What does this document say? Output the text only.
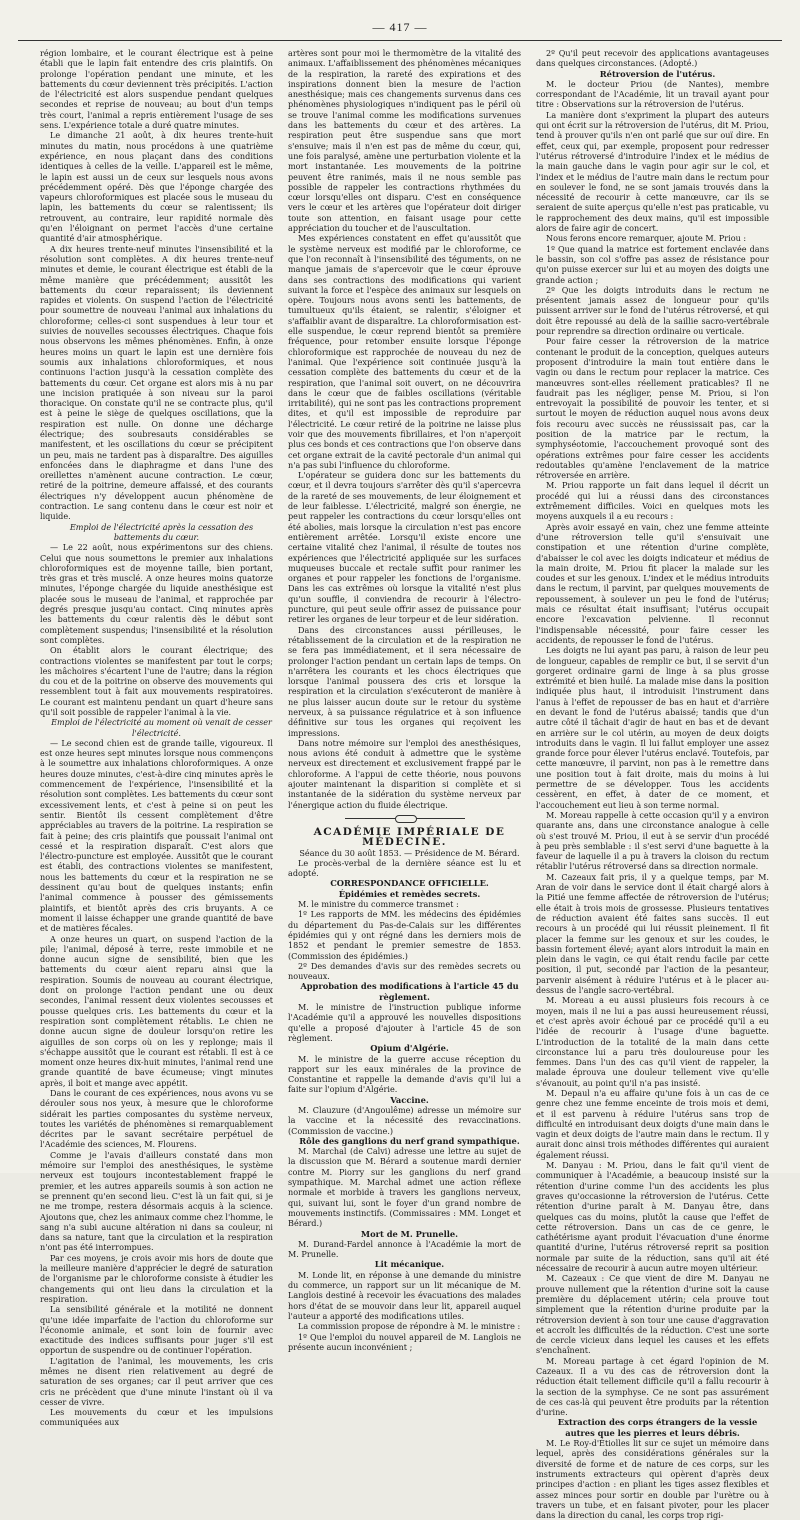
— 417 —

région lombaire, et le courant électrique est à peine établi que le lapin fait entendre des cris plaintifs. On prolonge l'opération pendant une minute, et les battements du cœur deviennent très précipités. L'action de l'électricité est alors suspendue pendant quelques secondes et reprise de nouveau; au bout d'un temps très court, l'animal a repris entièrement l'usage de ses sens. L'expérience totale a duré quatre minutes.

Le dimanche 21 août, à dix heures trente-huit minutes du matin, nous procédons à une quatrième expérience, en nous plaçant dans des conditions identiques à celles de la veille. L'appareil est le même, le lapin est aussi un de ceux sur lesquels nous avons précédemment opéré. Dès que l'éponge chargée des vapeurs chloroformiques est placée sous le museau du lapin, les battements du cœur se ralentissent; ils retrouvent, au contraire, leur rapidité normale dès qu'en l'éloignant on permet l'accès d'une certaine quantité d'air atmosphérique.

A dix heures trente-neuf minutes l'insensibilité et la résolution sont complètes. A dix heures trente-neuf minutes et demie, le courant électrique est établi de la même manière que précédemment; aussitôt les battements du cœur reparaissent; ils deviennent rapides et violents. On suspend l'action de l'électricité pour soumettre de nouveau l'animal aux inhalations du chloroforme; celles-ci sont suspendues à leur tour et suivies de nouvelles secousses électriques. Chaque fois nous observons les mêmes phénomènes. Enfin, à onze heures moins un quart le lapin est une dernière fois soumis aux inhalations chloroformiques, et nous continuons l'action jusqu'à la cessation complète des battements du cœur. Cet organe est alors mis à nu par une incision pratiquée à son niveau sur la paroi thoracique. On constate qu'il ne se contracte plus, qu'il est à peine le siège de quelques oscillations, que la respiration est nulle. On donne une décharge électrique; des soubresauts considérables se manifestent, et les oscillations du cœur se précipitent un peu, mais ne tardent pas à disparaître. Des aiguilles enfoncées dans le diaphragme et dans l'une des oreillettes n'amènent aucune contraction. Le cœur, retiré de la poitrine, demeure affaissé, et des courants électriques n'y développent aucun phénomène de contraction. Le sang contenu dans le cœur est noir et liquide.

Emploi de l'électricité après la cessation des battements du cœur.

— Le 22 août, nous expérimentons sur des chiens. Celui que nous soumettons le premier aux inhalations chloroformiques est de moyenne taille, bien portant, très gras et très musclé. A onze heures moins quatorze minutes, l'éponge chargée du liquide anesthésique est placée sous le museau de l'animal, et rapprochée par degrés presque jusqu'au contact. Cinq minutes après les battements du cœur ralentis dès le début sont complètement suspendus; l'insensibilité et la résolution sont complètes.

On établit alors le courant électrique; des contractions violentes se manifestent par tout le corps; les mâchoires s'écartent l'une de l'autre; dans la région du cou et de la poitrine on observe des mouvements qui ressemblent tout à fait aux mouvements respiratoires. Le courant est maintenu pendant un quart d'heure sans qu'il soit possible de rappeler l'animal à la vie.

Emploi de l'électricité au moment où venait de cesser l'électricité.

— Le second chien est de grande taille, vigoureux. Il est onze heures sept minutes lorsque nous commençons à le soumettre aux inhalations chloroformiques. A onze heures douze minutes, c'est-à-dire cinq minutes après le commencement de l'expérience, l'insensibilité et la résolution sont complètes. Les battements du cœur sont excessivement lents, et c'est à peine si on peut les sentir. Bientôt ils cessent complètement d'être appréciables au travers de la poitrine. La respiration se fait à peine; des cris plaintifs que poussait l'animal ont cessé et la respiration disparaît. C'est alors que l'électro-puncture est employée. Aussitôt que le courant est établi, des contractions violentes se manifestent, nous les battements du cœur et la respiration ne se dessinent qu'au bout de quelques instants; enfin l'animal commence à pousser des gémissements plaintifs, et bientôt après des cris bruyants. A ce moment il laisse échapper une grande quantité de bave et de matières fécales.

A onze heures un quart, on suspend l'action de la pile; l'animal, déposé à terre, reste immobile et ne donne aucun signe de sensibilité, bien que les battements du cœur aient reparu ainsi que la respiration. Soumis de nouveau au courant électrique, dont on prolonge l'action pendant une ou deux secondes, l'animal ressent deux violentes secousses et pousse quelques cris. Les battements du cœur et la respiration sont complètement rétablis. Le chien ne donne aucun signe de douleur lorsqu'on retire les aiguilles de son corps où on les y replonge; mais il s'échappe aussitôt que le courant est rétabli. Il est à ce moment onze heures dix-huit minutes, l'animal rend une grande quantité de bave écumeuse; vingt minutes après, il boit et mange avec appétit.

Dans le courant de ces expériences, nous avons vu se dérouler sous nos yeux, à mesure que le chloroforme sidérait les parties composantes du système nerveux, toutes les variétés de phénomènes si remarquablement décrites par le savant secrétaire perpétuel de l'Académie des sciences, M. Flourens.

Comme je l'avais d'ailleurs constaté dans mon mémoire sur l'emploi des anesthésiques, le système nerveux est toujours incontestablement frappé le premier, et les autres appareils soumis à son action ne se prennent qu'en second lieu. C'est là un fait qui, si je ne me trompe, restera désormais acquis à la science. Ajoutons que, chez les animaux comme chez l'homme, le sang n'a subi aucune altération ni dans sa couleur, ni dans sa nature, tant que la circulation et la respiration n'ont pas été interrompues.

Par ces moyens, je crois avoir mis hors de doute que la meilleure manière d'apprécier le degré de saturation de l'organisme par le chloroforme consiste à étudier les changements qui ont lieu dans la circulation et la respiration.

La sensibilité générale et la motilité ne donnent qu'une idée imparfaite de l'action du chloroforme sur l'économie animale, et sont loin de fournir avec exactitude des indices suffisants pour juger s'il est opportun de suspendre ou de continuer l'opération.

L'agitation de l'animal, les mouvements, les cris mêmes ne disent rien relativement au degré de saturation de ses organes; car il peut arriver que ces cris ne précèdent que d'une minute l'instant où il va cesser de vivre.

Les mouvements du cœur et les impulsions communiquées aux

artères sont pour moi le thermomètre de la vitalité des animaux. L'affaiblissement des phénomènes mécaniques de la respiration, la rareté des expirations et des inspirations donnent bien la mesure de l'action anesthésique; mais ces changements survenus dans ces phénomènes physiologiques n'indiquent pas le péril où se trouve l'animal comme les modifications survenues dans les battements du cœur et des artères. La respiration peut être suspendue sans que mort s'ensuive; mais il n'en est pas de même du cœur, qui, une fois paralysé, amène une perturbation violente et la mort instantanée. Les mouvements de la poitrine peuvent être ranimés, mais il ne nous semble pas possible de rappeler les contractions rhythmées du cœur lorsqu'elles ont disparu. C'est en conséquence vers le cœur et les artères que l'opérateur doit diriger toute son attention, en faisant usage pour cette appréciation du toucher et de l'auscultation.

Mes expériences constatent en effet qu'aussitôt que le système nerveux est modifié par le chloroforme, ce que l'on reconnaît à l'insensibilité des téguments, on ne manque jamais de s'apercevoir que le cœur éprouve dans ses contractions des modifications qui varient suivant la force et l'espèce des animaux sur lesquels on opère. Toujours nous avons senti les battements, de tumultueux qu'ils étaient, se ralentir, s'éloigner et s'affaiblir avant de disparaître. La chloroformisation est-elle suspendue, le cœur reprend bientôt sa première fréquence, pour retomber ensuite lorsque l'éponge chloroformique est rapprochée de nouveau du nez de l'animal. Que l'expérience soit continuée jusqu'à la cessation complète des battements du cœur et de la respiration, que l'animal soit ouvert, on ne découvrira dans le cœur que de faibles oscillations (véritable irritabilité), qui ne sont pas les contractions proprement dites, et qu'il est impossible de reproduire par l'électricité. Le cœur retiré de la poitrine ne laisse plus voir que des mouvements fibrillaires, et l'on n'aperçoit plus ces bonds et ces contractions que l'on observe dans cet organe extrait de la cavité pectorale d'un animal qui n'a pas subi l'influence du chloroforme.

L'opérateur se guidera donc sur les battements du cœur, et il devra toujours s'arrêter dès qu'il s'apercevra de la rareté de ses mouvements, de leur éloignement et de leur faiblesse. L'électricité, malgré son énergie, ne peut rappeler les contractions du cœur lorsqu'elles ont été abolies, mais lorsque la circulation n'est pas encore entièrement arrêtée. Lorsqu'il existe encore une certaine vitalité chez l'animal, il résulte de toutes nos expériences que l'électricité appliquée sur les surfaces muqueuses buccale et rectale suffit pour ranimer les organes et pour rappeler les fonctions de l'organisme. Dans les cas extrêmes où lorsque la vitalité n'est plus qu'un souffle, il conviendra de recourir à l'électro-puncture, qui peut seule offrir assez de puissance pour retirer les organes de leur torpeur et de leur sidération.

Dans des circonstances aussi périlleuses, le rétablissement de la circulation et de la respiration ne se fera pas immédiatement, et il sera nécessaire de prolonger l'action pendant un certain laps de temps. On n'arrêtera les courants et les chocs électriques que lorsque l'animal poussera des cris et lorsque la respiration et la circulation s'exécuteront de manière à ne plus laisser aucun doute sur le retour du système nerveux, à sa puissance régulatrice et à son influence définitive sur tous les organes qui reçoivent les impressions.

Dans notre mémoire sur l'emploi des anesthésiques, nous avions été conduit à admettre que le système nerveux est directement et exclusivement frappé par le chloroforme. A l'appui de cette théorie, nous pouvons ajouter maintenant la disparition si complète et si instantanée de la sidération du système nerveux par l'énergique action du fluide électrique.

ACADÉMIE IMPÉRIALE DE MÉDECINE.

Séance du 30 août 1853. — Présidence de M. Bérard.

Le procès-verbal de la dernière séance est lu et adopté.

CORRESPONDANCE OFFICIELLE.

Épidémies et remèdes secrets.

M. le ministre du commerce transmet :

1º Les rapports de MM. les médecins des épidémies du département du Pas-de-Calais sur les différentes épidémies qui y ont régné dans les derniers mois de 1852 et pendant le premier semestre de 1853. (Commission des épidémies.)

2º Des demandes d'avis sur des remèdes secrets ou nouveaux.

Approbation des modifications à l'article 45 du règlement.

M. le ministre de l'instruction publique informe l'Académie qu'il a approuvé les nouvelles dispositions qu'elle a proposé d'ajouter à l'article 45 de son règlement.

Opium d'Algérie.

M. le ministre de la guerre accuse réception du rapport sur les eaux minérales de la province de Constantine et rappelle la demande d'avis qu'il lui a faite sur l'opium d'Algérie.

Vaccine.

M. Clauzure (d'Angoulême) adresse un mémoire sur la vaccine et la nécessité des revaccinations. (Commission de vaccine.)

Rôle des ganglions du nerf grand sympathique.

M. Marchal (de Calvi) adresse une lettre au sujet de la discussion que M. Bérard a soutenue mardi dernier contre M. Piorry sur les ganglions du nerf grand sympathique. M. Marchal admet une action réflexe normale et morbide à travers les ganglions nerveux, qui, suivant lui, sont le foyer d'un grand nombre de mouvements instinctifs. (Commissaires : MM. Longet et Bérard.)

Mort de M. Prunelle.

M. Durand-Fardel annonce à l'Académie la mort de M. Prunelle.

Lit mécanique.

M. Londe lit, en réponse à une demande du ministre du commerce, un rapport sur un lit mécanique de M. Langlois destiné à recevoir les évacuations des malades hors d'état de se mouvoir dans leur lit, appareil auquel l'auteur a apporté des modifications utiles.

La commission propose de répondre à M. le ministre :

1º Que l'emploi du nouvel appareil de M. Langlois ne présente aucun inconvénient ;

2º Qu'il peut recevoir des applications avantageuses dans quelques circonstances. (Adopté.)

Rétroversion de l'utérus.

M. le docteur Priou (de Nantes), membre correspondant de l'Académie, lit un travail ayant pour titre : Observations sur la rétroversion de l'utérus.

La manière dont s'expriment la plupart des auteurs qui ont écrit sur la rétroversion de l'utérus, dit M. Priou, tend à prouver qu'ils n'en ont parlé que sur ouï dire. En effet, ceux qui, par exemple, proposent pour redresser l'utérus rétroversé d'introduire l'index et le médius de la main gauche dans le vagin pour agir sur le col, et l'index et le médius de l'autre main dans le rectum pour en soulever le fond, ne se sont jamais trouvés dans la nécessité de recourir à cette manœuvre, car ils se seraient de suite aperçus qu'elle n'est pas praticable, vu le rapprochement des deux mains, qu'il est impossible alors de faire agir de concert.

Nous ferons encore remarquer, ajoute M. Priou :

1º Que quand la matrice est fortement enclavée dans le bassin, son col s'offre pas assez de résistance pour qu'on puisse exercer sur lui et au moyen des doigts une grande action ;

2º Que les doigts introduits dans le rectum ne présentent jamais assez de longueur pour qu'ils puissent arriver sur le fond de l'utérus rétroversé, et qui doit être repoussé au delà de la saillie sacro-vertébrale pour reprendre sa direction ordinaire ou verticale.

Pour faire cesser la rétroversion de la matrice contenant le produit de la conception, quelques auteurs proposent d'introduire la main tout entière dans le vagin ou dans le rectum pour replacer la matrice. Ces manœuvres sont-elles réellement praticables? Il ne faudrait pas les négliger, pense M. Priou, si l'on entrevoyait la possibilité de pouvoir les tenter, et si surtout le moyen de réduction auquel nous avons deux fois recouru avec succès ne réussissait pas, car la position de la matrice par le rectum, la symphyséotomie, l'accouchement provoqué sont des opérations extrêmes pour faire cesser les accidents redoutables qu'amène l'enclavement de la matrice rétroversée en arrière.

M. Priou rapporte un fait dans lequel il décrit un procédé qui lui a réussi dans des circonstances extrêmement difficiles. Voici en quelques mots les moyens auxquels il a eu recours :

Après avoir essayé en vain, chez une femme atteinte d'une rétroversion telle qu'il s'ensuivait une constipation et une rétention d'urine complète, d'abaisser le col avec les doigts indicateur et médius de la main droite, M. Priou fit placer la malade sur les coudes et sur les genoux. L'index et le médius introduits dans le rectum, il parvint, par quelques mouvements de repoussement, à soulever un peu le fond de l'utérus; mais ce résultat était insuffisant; l'utérus occupait encore l'excavation pelvienne. Il reconnut l'indispensable nécessité, pour faire cesser les accidents, de repousser le fond de l'utérus.

Les doigts ne lui ayant pas paru, à raison de leur peu de longueur, capables de remplir ce but, il se servit d'un gorgeret ordinaire garni de linge à sa plus grosse extrémité et bien huilé. La malade mise dans la position indiquée plus haut, il introduisit l'instrument dans l'anus à l'effet de repousser de bas en haut et d'arrière en devant le fond de l'utérus abaissé; tandis que d'un autre côté il tâchait d'agir de haut en bas et de devant en arrière sur le col utérin, au moyen de deux doigts introduits dans le vagin. Il lui fallut employer une assez grande force pour élever l'utérus enclavé. Toutefois, par cette manœuvre, il parvint, non pas à le remettre dans une position tout à fait droite, mais du moins à lui permettre de se développer. Tous les accidents cessèrent, en effet, à dater de ce moment, et l'accouchement eut lieu à son terme normal.

M. Moreau rappelle à cette occasion qu'il y a environ quarante ans, dans une circonstance analogue à celle où s'est trouvé M. Priou, il eut à se servir d'un procédé à peu près semblable : il s'est servi d'une baguette à la faveur de laquelle il a pu à travers la cloison du rectum rétablir l'utérus rétroversé dans sa direction normale.

M. Cazeaux fait pris, il y a quelque temps, par M. Aran de voir dans le service dont il était chargé alors à la Pitié une femme affectée de rétroversion de l'utérus; elle était à trois mois de grossesse. Plusieurs tentatives de réduction avaient été faites sans succès. Il eut recours à un procédé qui lui réussit pleinement. Il fit placer la femme sur les genoux et sur les coudes, le bassin fortement élevé; ayant alors introduit la main en plein dans le vagin, ce qui était rendu facile par cette position, il put, secondé par l'action de la pesanteur, parvenir aisément à réduire l'utérus et à le placer au-dessus de l'angle sacro-vertébral.

M. Moreau a eu aussi plusieurs fois recours à ce moyen, mais il ne lui a pas aussi heureusement réussi, et c'est après avoir échoué par ce procédé qu'il a eu l'idée de recourir à l'usage d'une baguette. L'introduction de la totalité de la main dans cette circonstance lui a paru très douloureuse pour les femmes. Dans l'un des cas qu'il vient de rappeler, la malade éprouva une douleur tellement vive qu'elle s'évanouit, au point qu'il n'a pas insisté.

M. Depaul n'a eu affaire qu'une fois à un cas de ce genre chez une femme enceinte de trois mois et demi, et il est parvenu à réduire l'utérus sans trop de difficulté en introduisant deux doigts d'une main dans le vagin et deux doigts de l'autre main dans le rectum. Il y aurait donc ainsi trois méthodes différentes qui auraient également réussi.

M. Danyau : M. Priou, dans le fait qu'il vient de communiquer à l'Académie, a beaucoup insisté sur la rétention d'urine comme l'un des accidents les plus graves qu'occasionne la rétroversion de l'utérus. Cette rétention d'urine paraît à M. Danyau être, dans quelques cas du moins, plutôt la cause que l'effet de cette rétroversion. Dans un cas de ce genre, le cathétérisme ayant produit l'évacuation d'une énorme quantité d'urine, l'utérus rétroversé reprit sa position normale par suite de la réduction, sans qu'il ait été nécessaire de recourir à aucun autre moyen ultérieur.

M. Cazeaux : Ce que vient de dire M. Danyau ne prouve nullement que la rétention d'urine soit la cause première du déplacement utérin; cela prouve tout simplement que la rétention d'urine produite par la rétroversion devient à son tour une cause d'aggravation et accroît les difficultés de la réduction. C'est une sorte de cercle vicieux dans lequel les causes et les effets s'enchaînent.

M. Moreau partage à cet égard l'opinion de M. Cazeaux. Il a vu des cas de rétroversion dont la réduction était tellement difficile qu'il a fallu recourir à la section de la symphyse. Ce ne sont pas assurément de ces cas-là qui peuvent être produits par la rétention d'urine.

Extraction des corps étrangers de la vessie autres que les pierres et leurs débris.

M. Le Roy-d'Étiolles lit sur ce sujet un mémoire dans lequel, après des considérations générales sur la diversité de forme et de nature de ces corps, sur les instruments extracteurs qui opèrent d'après deux principes d'action : en pliant les tiges assez flexibles et assez minces pour sortir en double par l'urètre ou à travers un tube, et en faisant pivoter, pour les placer dans la direction du canal, les corps trop rigi-
